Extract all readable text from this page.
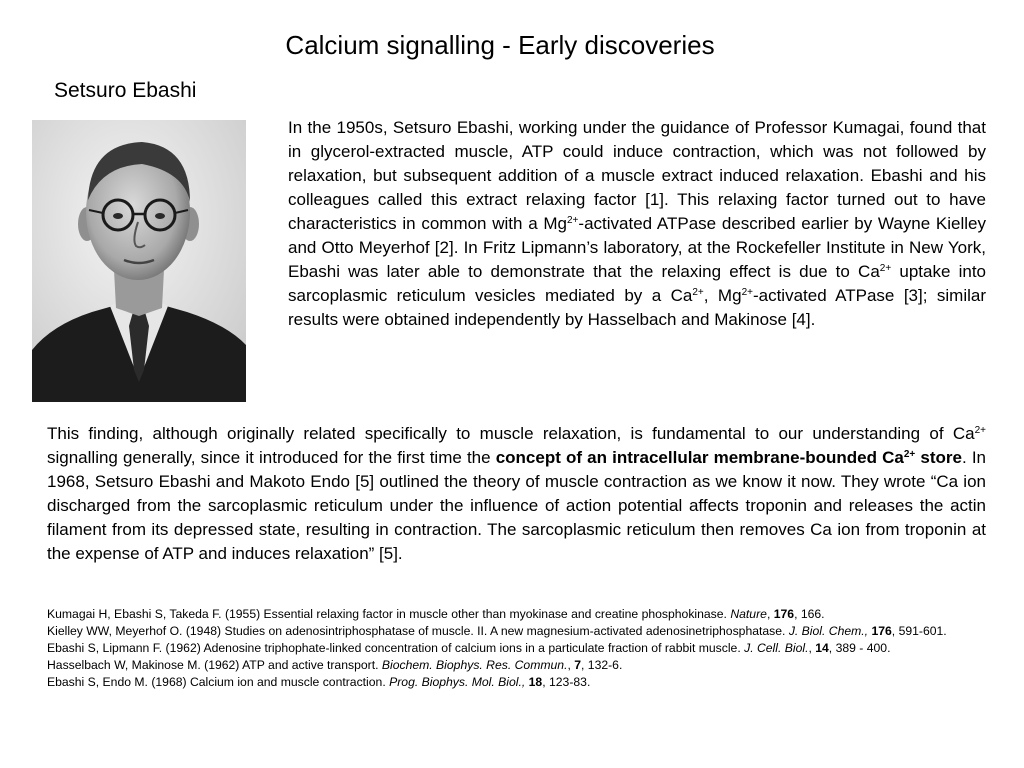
Calcium signalling - Early discoveries
Setsuro Ebashi
In the 1950s, Setsuro Ebashi, working under the guidance of Professor Kumagai, found that in glycerol-extracted muscle, ATP could induce contraction, which was not followed by relaxation, but subsequent addition of a muscle extract induced relaxation. Ebashi and his colleagues called this extract relaxing factor [1]. This relaxing factor turned out to have characteristics in common with a $Mg^{2+}$-activated ATPase described earlier by Wayne Kielley and Otto Meyerhof [2]. In Fritz Lipmann’s laboratory, at the Rockefeller Institute in New York, Ebashi was later able to demonstrate that the relaxing effect is due to $Ca^{2+}$ uptake into sarcoplasmic reticulum vesicles mediated by a $Ca^{2+}$, $Mg^{2+}$-activated ATPase [3]; similar results were obtained independently by Hasselbach and Makinose [4].
This finding, although originally related specifically to muscle relaxation, is fundamental to our understanding of $Ca^{2+}$ signalling generally, since it introduced for the first time the concept of an intracellular membrane-bounded $Ca^{2+}$ store. In 1968, Setsuro Ebashi and Makoto Endo [5] outlined the theory of muscle contraction as we know it now. They wrote “Ca ion discharged from the sarcoplasmic reticulum under the influence of action potential affects troponin and releases the actin filament from its depressed state, resulting in contraction. The sarcoplasmic reticulum then removes Ca ion from troponin at the expense of ATP and induces relaxation” [5].

Kumagai H, Ebashi S, Takeda F. (1955) Essential relaxing factor in muscle other than myokinase and creatine phosphokinase. Nature, 176, 166.

Kielley WW, Meyerhof O. (1948) Studies on adenosintriphosphatase of muscle. II. A new magnesium-activated adenosinetriphosphatase. J. Biol. Chem., 176, 591-601.

Ebashi S, Lipmann F. (1962) Adenosine triphophate-linked concentration of calcium ions in a particulate fraction of rabbit muscle. J. Cell. Biol., 14, 389 - 400.

Hasselbach W, Makinose M. (1962) ATP and active transport. Biochem. Biophys. Res. Commun., 7, 132-6.

Ebashi S, Endo M. (1968) Calcium ion and muscle contraction. Prog. Biophys. Mol. Biol., 18, 123-83.
